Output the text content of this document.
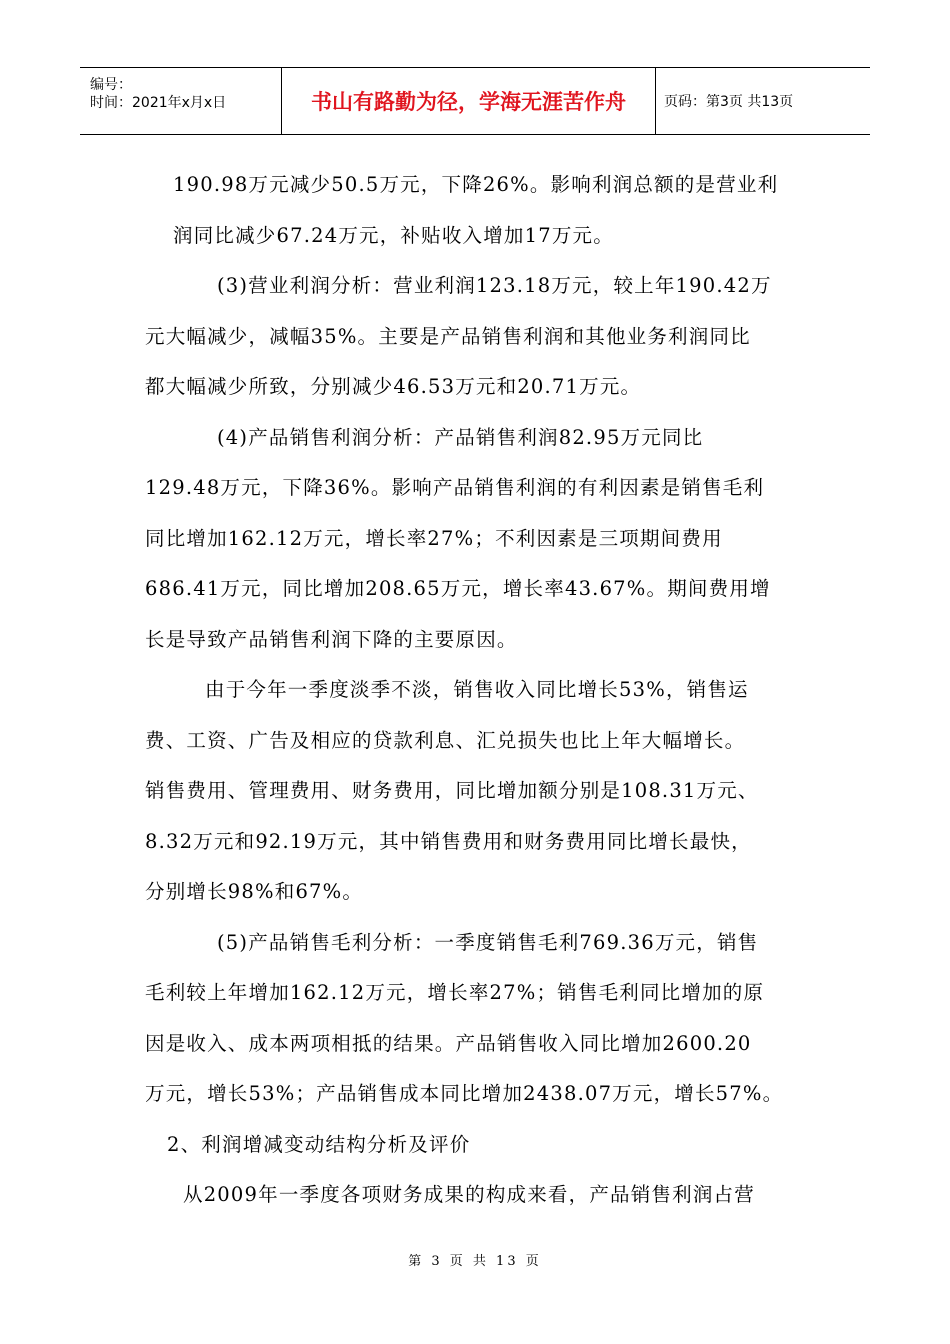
编号：
时间：2021年x月x日	书山有路勤为径，学海无涯苦作舟	页码：第3页 共13页
190.98万元减少50.5万元，下降26%。影响利润总额的是营业利
润同比减少67.24万元，补贴收入增加17万元。
(3)营业利润分析：营业利润123.18万元，较上年190.42万
元大幅减少，减幅35%。主要是产品销售利润和其他业务利润同比
都大幅减少所致，分别减少46.53万元和20.71万元。
(4)产品销售利润分析：产品销售利润82.95万元同比
129.48万元，下降36%。影响产品销售利润的有利因素是销售毛利
同比增加162.12万元，增长率27%；不利因素是三项期间费用
686.41万元，同比增加208.65万元，增长率43.67%。期间费用增
长是导致产品销售利润下降的主要原因。
由于今年一季度淡季不淡，销售收入同比增长53%，销售运
费、工资、广告及相应的贷款利息、汇兑损失也比上年大幅增长。
销售费用、管理费用、财务费用，同比增加额分别是108.31万元、
8.32万元和92.19万元，其中销售费用和财务费用同比增长最快，
分别增长98%和67%。
(5)产品销售毛利分析：一季度销售毛利769.36万元，销售
毛利较上年增加162.12万元，增长率27%；销售毛利同比增加的原
因是收入、成本两项相抵的结果。产品销售收入同比增加2600.20
万元，增长53%；产品销售成本同比增加2438.07万元，增长57%。
2、利润增减变动结构分析及评价
从2009年一季度各项财务成果的构成来看，产品销售利润占营
第 3 页 共 13 页
